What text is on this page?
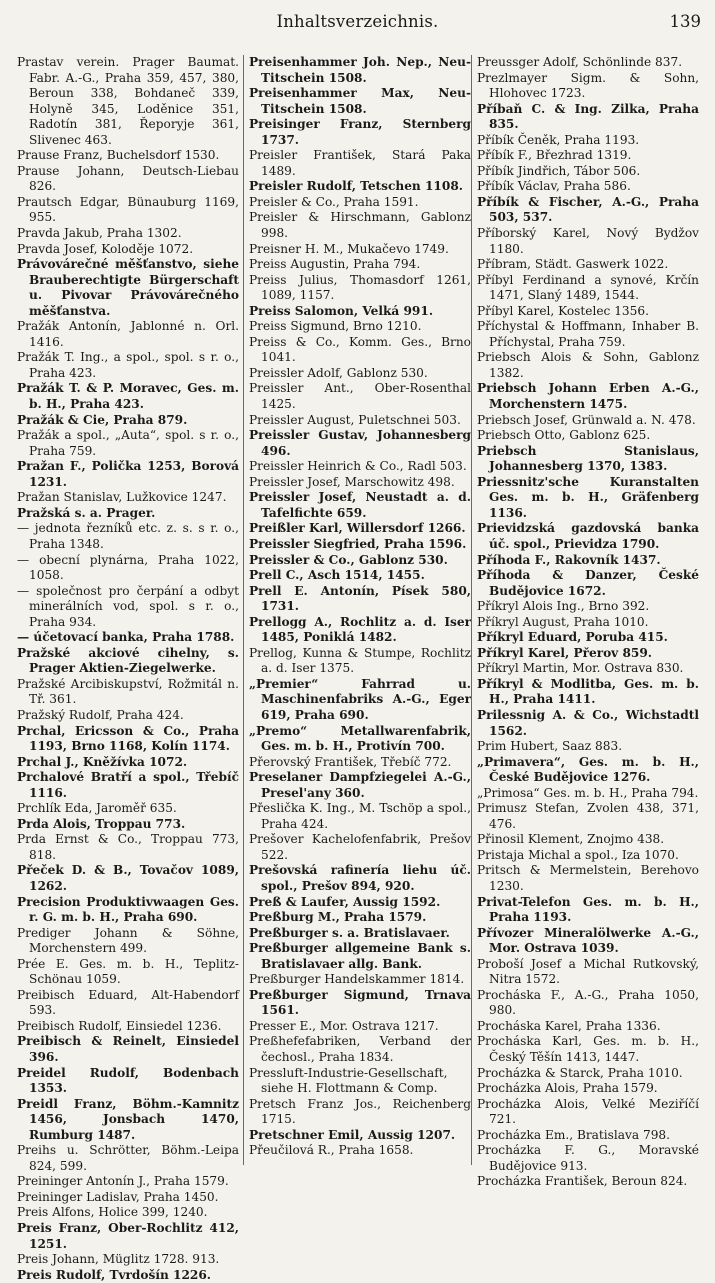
Inhaltsverzeichnis.	139
Prastav verein. Prager Baumat. Fabr. A.-G., Praha 359, 457, 380, Beroun 338, Bohdaneč 339, Holyně 345, Loděnice 351, Radotín 381, Řeporyje 361, Slivenec 463.
Prause Franz, Buchelsdorf 1530.
Prause Johann, Deutsch-Liebau 826.
Prautsch Edgar, Bünauburg 1169, 955.
Pravda Jakub, Praha 1302.
Pravda Josef, Koloděje 1072.
Právovárečné měšťanstvo, siehe Brauberechtigte Bürgerschaft u. Pivovar Právovárečného měšťanstva.
Pražák Antonín, Jablonné n. Orl. 1416.
Pražák T. Ing., a spol., spol. s r. o., Praha 423.
Pražák T. & P. Moravec, Ges. m. b. H., Praha 423.
Pražák & Cie, Praha 879.
Pražák a spol., „Auta“, spol. s r. o., Praha 759.
Pražan F., Polička 1253, Borová 1231.
Pražan Stanislav, Lužkovice 1247.
Pražská s. a. Prager.
— jednota řezníků etc. z. s. s r. o., Praha 1348.
— obecní plynárna, Praha 1022, 1058.
— společnost pro čerpání a odbyt minerálních vod, spol. s r. o., Praha 934.
— účetovací banka, Praha 1788.
Pražské akciové cihelny, s. Prager Aktien-Ziegelwerke.
Pražské Arcibiskupství, Rožmitál n. Tř. 361.
Pražský Rudolf, Praha 424.
Prchal, Ericsson & Co., Praha 1193, Brno 1168, Kolín 1174.
Prchal J., Kněžívka 1072.
Prchalové Bratří a spol., Třebíč 1116.
Prchlík Eda, Jaroměř 635.
Prda Alois, Troppau 773.
Prda Ernst & Co., Troppau 773, 818.
Přeček D. & B., Tovačov 1089, 1262.
Precision Produktivwaagen Ges. r. G. m. b. H., Praha 690.
Prediger Johann & Söhne, Morchenstern 499.
Prée E. Ges. m. b. H., Teplitz-Schönau 1059.
Preibisch Eduard, Alt-Habendorf 593.
Preibisch Rudolf, Einsiedel 1236.
Preibisch & Reinelt, Einsiedel 396.
Preidel Rudolf, Bodenbach 1353.
Preidl Franz, Böhm.-Kamnitz 1456, Jonsbach 1470, Rumburg 1487.
Preihs u. Schrötter, Böhm.-Leipa 824, 599.
Preininger Antonín J., Praha 1579.
Preininger Ladislav, Praha 1450.
Preis Alfons, Holice 399, 1240.
Preis Franz, Ober-Rochlitz 412, 1251.
Preis Johann, Müglitz 1728. 913.
Preis Rudolf, Tvrdošín 1226.
Preisenhammer Joh. Nep., Neu-Titschein 1508.
Preisenhammer Max, Neu-Titschein 1508.
Preisinger Franz, Sternberg 1737.
Preisler František, Stará Paka 1489.
Preisler Rudolf, Tetschen 1108.
Preisler & Co., Praha 1591.
Preisler & Hirschmann, Gablonz 998.
Preisner H. M., Mukačevo 1749.
Preiss Augustin, Praha 794.
Preiss Julius, Thomasdorf 1261, 1089, 1157.
Preiss Salomon, Velká 991.
Preiss Sigmund, Brno 1210.
Preiss & Co., Komm. Ges., Brno 1041.
Preissler Adolf, Gablonz 530.
Preissler Ant., Ober-Rosenthal 1425.
Preissler August, Puletschnei 503.
Preissler Gustav, Johannesberg 496.
Preissler Heinrich & Co., Radl 503.
Preissler Josef, Marschowitz 498.
Preissler Josef, Neustadt a. d. Tafelfichte 659.
Preißler Karl, Willersdorf 1266.
Preissler Siegfried, Praha 1596.
Preissler & Co., Gablonz 530.
Prell C., Asch 1514, 1455.
Prell E. Antonín, Písek 580, 1731.
Prellogg A., Rochlitz a. d. Iser 1485, Poniklá 1482.
Prellog, Kunna & Stumpe, Rochlitz a. d. Iser 1375.
„Premier“ Fahrrad u. Maschinenfabriks A.-G., Eger 619, Praha 690.
„Premo“ Metallwarenfabrik, Ges. m. b. H., Protivín 700.
Přerovský František, Třebíč 772.
Preselaner Dampfziegelei A.-G., Presel'any 360.
Přeslička K. Ing., M. Tschöp a spol., Praha 424.
Prešover Kachelofenfabrik, Prešov 522.
Prešovská rafinería liehu úč. spol., Prešov 894, 920.
Preß & Laufer, Aussig 1592.
Preßburg M., Praha 1579.
Preßburger s. a. Bratislavaer.
Preßburger allgemeine Bank s. Bratislavaer allg. Bank.
Preßburger Handelskammer 1814.
Preßburger Sigmund, Trnava 1561.
Presser E., Mor. Ostrava 1217.
Preßhefefabriken, Verband der čechosl., Praha 1834.
Pressluft-Industrie-Gesellschaft, siehe H. Flottmann & Comp.
Pretsch Franz Jos., Reichenberg 1715.
Pretschner Emil, Aussig 1207.
Přeučilová R., Praha 1658.
Preussger Adolf, Schönlinde 837.
Prezlmayer Sigm. & Sohn, Hlohovec 1723.
Příbaň C. & Ing. Zilka, Praha 835.
Příbík Čeněk, Praha 1193.
Příbík F., Březhrad 1319.
Příbík Jindřich, Tábor 506.
Příbík Václav, Praha 586.
Příbík & Fischer, A.-G., Praha 503, 537.
Příborský Karel, Nový Bydžov 1180.
Příbram, Städt. Gaswerk 1022.
Příbyl Ferdinand a synové, Krčín 1471, Slaný 1489, 1544.
Příbyl Karel, Kostelec 1356.
Příchystal & Hoffmann, Inhaber B. Příchystal, Praha 759.
Priebsch Alois & Sohn, Gablonz 1382.
Priebsch Johann Erben A.-G., Morchenstern 1475.
Priebsch Josef, Grünwald a. N. 478.
Priebsch Otto, Gablonz 625.
Priebsch Stanislaus, Johannesberg 1370, 1383.
Priessnitz'sche Kuranstalten Ges. m. b. H., Gräfenberg 1136.
Prievidzská gazdovská banka úč. spol., Prievidza 1790.
Příhoda F., Rakovník 1437.
Příhoda & Danzer, České Budějovice 1672.
Příkryl Alois Ing., Brno 392.
Příkryl August, Praha 1010.
Příkryl Eduard, Poruba 415.
Příkryl Karel, Přerov 859.
Příkryl Martin, Mor. Ostrava 830.
Příkryl & Modlitba, Ges. m. b. H., Praha 1411.
Prilessnig A. & Co., Wichstadtl 1562.
Prim Hubert, Saaz 883.
„Primavera“, Ges. m. b. H., České Budějovice 1276.
„Primosa“ Ges. m. b. H., Praha 794.
Primusz Stefan, Zvolen 438, 371, 476.
Přinosil Klement, Znojmo 438.
Pristaja Michal a spol., Iza 1070.
Pritsch & Mermelstein, Berehovo 1230.
Privat-Telefon Ges. m. b. H., Praha 1193.
Přívozer Mineralölwerke A.-G., Mor. Ostrava 1039.
Proboší Josef a Michal Rutkovský, Nitra 1572.
Procháska F., A.-G., Praha 1050, 980.
Procháska Karel, Praha 1336.
Procháska Karl, Ges. m. b. H., Český Těšín 1413, 1447.
Procházka & Starck, Praha 1010.
Procházka Alois, Praha 1579.
Procházka Alois, Velké Meziříčí 721.
Procházka Em., Bratislava 798.
Procházka F. G., Moravské Budějovice 913.
Procházka František, Beroun 824.
